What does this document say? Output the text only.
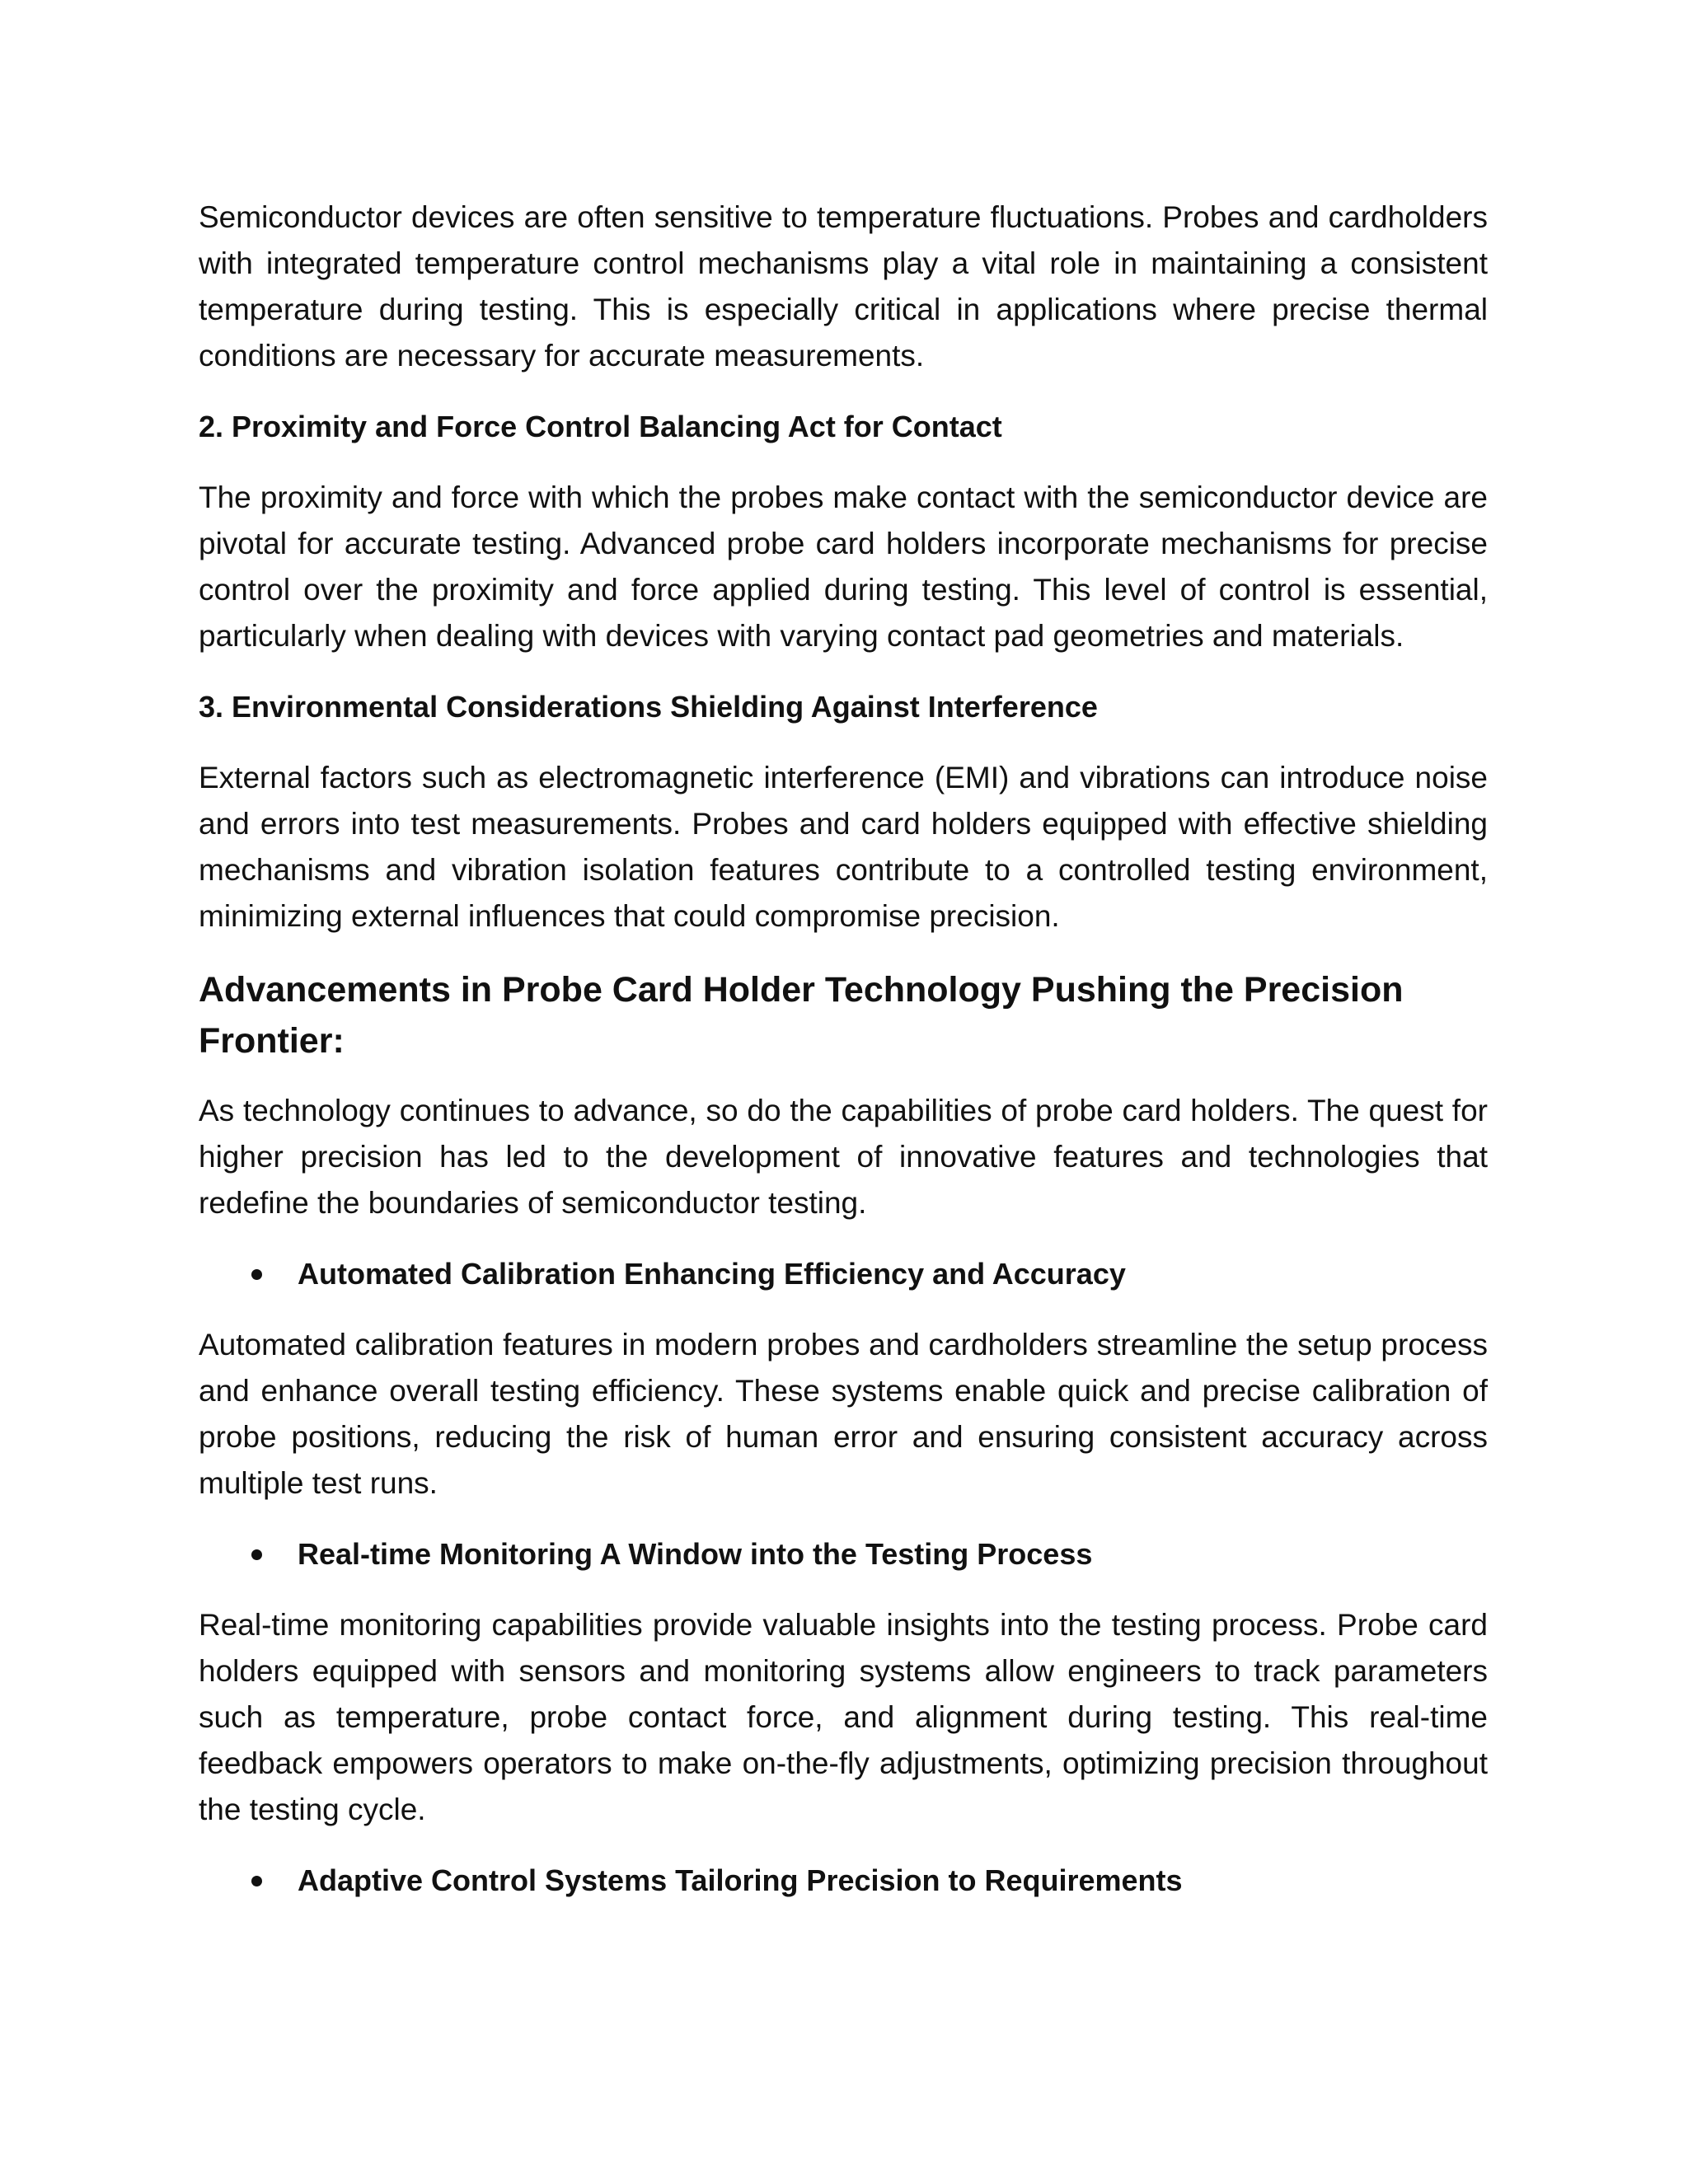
Semiconductor devices are often sensitive to temperature fluctuations. Probes and cardholders with integrated temperature control mechanisms play a vital role in maintaining a consistent temperature during testing. This is especially critical in applications where precise thermal conditions are necessary for accurate measurements.

2. Proximity and Force Control Balancing Act for Contact

The proximity and force with which the probes make contact with the semiconductor device are pivotal for accurate testing. Advanced probe card holders incorporate mechanisms for precise control over the proximity and force applied during testing. This level of control is essential, particularly when dealing with devices with varying contact pad geometries and materials.

3. Environmental Considerations Shielding Against Interference

External factors such as electromagnetic interference (EMI) and vibrations can introduce noise and errors into test measurements. Probes and card holders equipped with effective shielding mechanisms and vibration isolation features contribute to a controlled testing environment, minimizing external influences that could compromise precision.

Advancements in Probe Card Holder Technology Pushing the Precision Frontier:

As technology continues to advance, so do the capabilities of probe card holders. The quest for higher precision has led to the development of innovative features and technologies that redefine the boundaries of semiconductor testing.

Automated Calibration Enhancing Efficiency and Accuracy

Automated calibration features in modern probes and cardholders streamline the setup process and enhance overall testing efficiency. These systems enable quick and precise calibration of probe positions, reducing the risk of human error and ensuring consistent accuracy across multiple test runs.

Real-time Monitoring A Window into the Testing Process

Real-time monitoring capabilities provide valuable insights into the testing process. Probe card holders equipped with sensors and monitoring systems allow engineers to track parameters such as temperature, probe contact force, and alignment during testing. This real-time feedback empowers operators to make on-the-fly adjustments, optimizing precision throughout the testing cycle.

Adaptive Control Systems Tailoring Precision to Requirements
